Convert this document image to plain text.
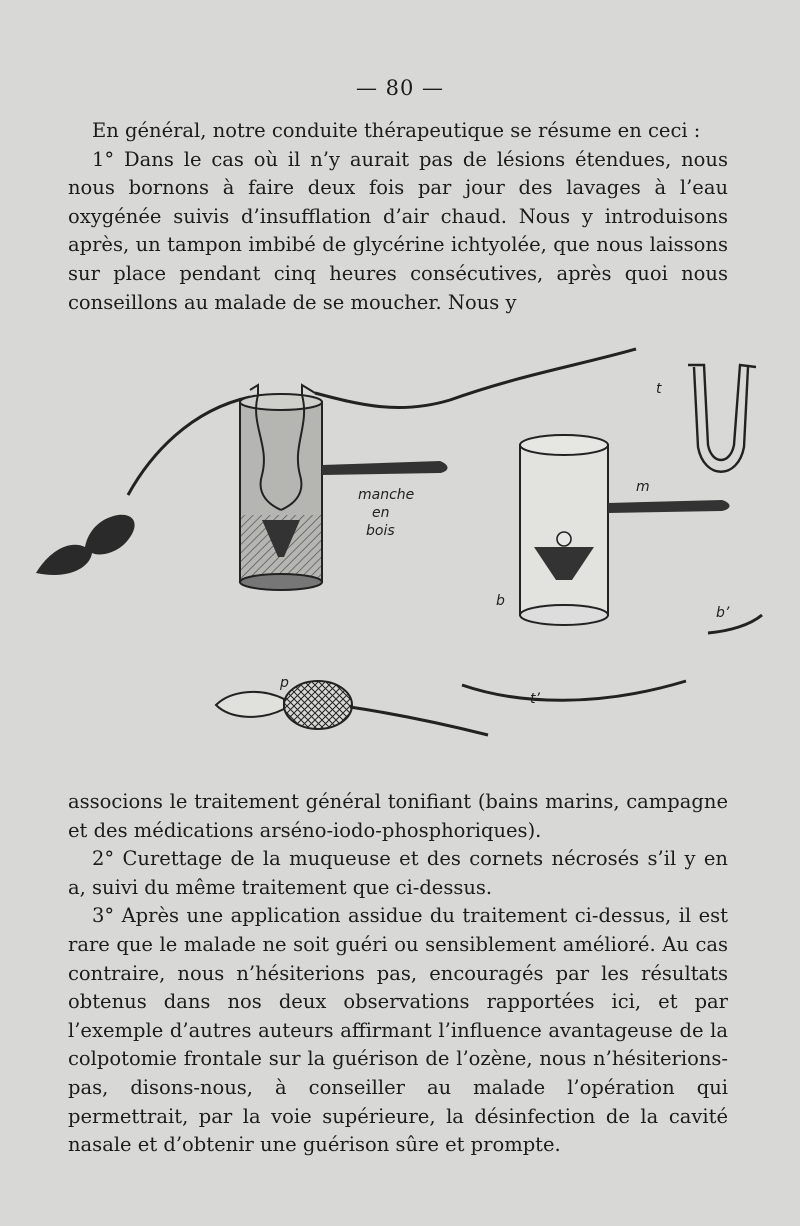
— 80 —

En général, notre conduite thérapeutique se résume en ceci :

1° Dans le cas où il n’y aurait pas de lésions étendues, nous nous bornons à faire deux fois par jour des lavages à l’eau oxygénée suivis d’insufflation d’air chaud. Nous y introduisons après, un tampon imbibé de glycérine ichtyolée, que nous laissons sur place pendant cinq heures consécutives, après quoi nous conseillons au malade de se moucher. Nous y

manche
en
bois
t
m
b
b’
p
t’

associons le traitement général tonifiant (bains marins, campagne et des médications arséno-iodo-phosphoriques).

2° Curettage de la muqueuse et des cornets nécrosés s’il y en a, suivi du même traitement que ci-dessus.

3° Après une application assidue du traitement ci-dessus, il est rare que le malade ne soit guéri ou sensiblement amélioré. Au cas contraire, nous n’hésiterions pas, encouragés par les résultats obtenus dans nos deux observations rapportées ici, et par l’exemple d’autres auteurs affirmant l’influence avantageuse de la colpotomie frontale sur la guérison de l’ozène, nous n’hésiterions-pas, disons-nous, à conseiller au malade l’opération qui permettrait, par la voie supérieure, la désinfection de la cavité nasale et d’obtenir une guérison sûre et prompte.
